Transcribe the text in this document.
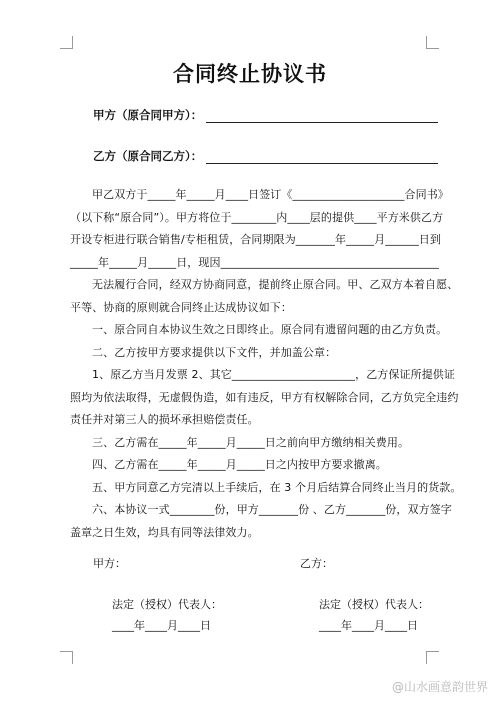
合同终止协议书
甲方（原合同甲方）：
乙方（原合同乙方）：

甲乙双方于_____年_____月____日签订《____________________合同书》

（以下称“原合同”）。甲方将位于________内____层的提供____平方米供乙方

开设专柜进行联合销售/专柜租赁，合同期限为_______年_____月______日到

_____年_____月_____日，现因_______________________________________

无法履行合同，经双方协商同意，提前终止原合同。甲、乙双方本着自愿、

平等、协商的原则就合同终止达成协议如下：

一、原合同自本协议生效之日即终止。原合同有遗留问题的由乙方负责。

二、乙方按甲方要求提供以下文件，并加盖公章：

1、原乙方当月发票 2、其它______________________，乙方保证所提供证

照均为依法取得，无虚假伪造，如有违反，甲方有权解除合同，乙方负完全违约

责任并对第三人的损坏承担赔偿责任。

三、乙方需在_____年_____月_____日之前向甲方缴纳相关费用。

四、乙方需在_____年_____月_____日之内按甲方要求撤离。

五、甲方同意乙方完清以上手续后，在 3 个月后结算合同终止当月的货款。

六、本协议一式________份，甲方_______份 、乙方_______份，双方签字

盖章之日生效，均具有同等法律效力。

甲方：	乙方：
法定（授权）代表人：	法定（授权）代表人：
____年____月____日	____年____月____日
@山水画意韵世界
